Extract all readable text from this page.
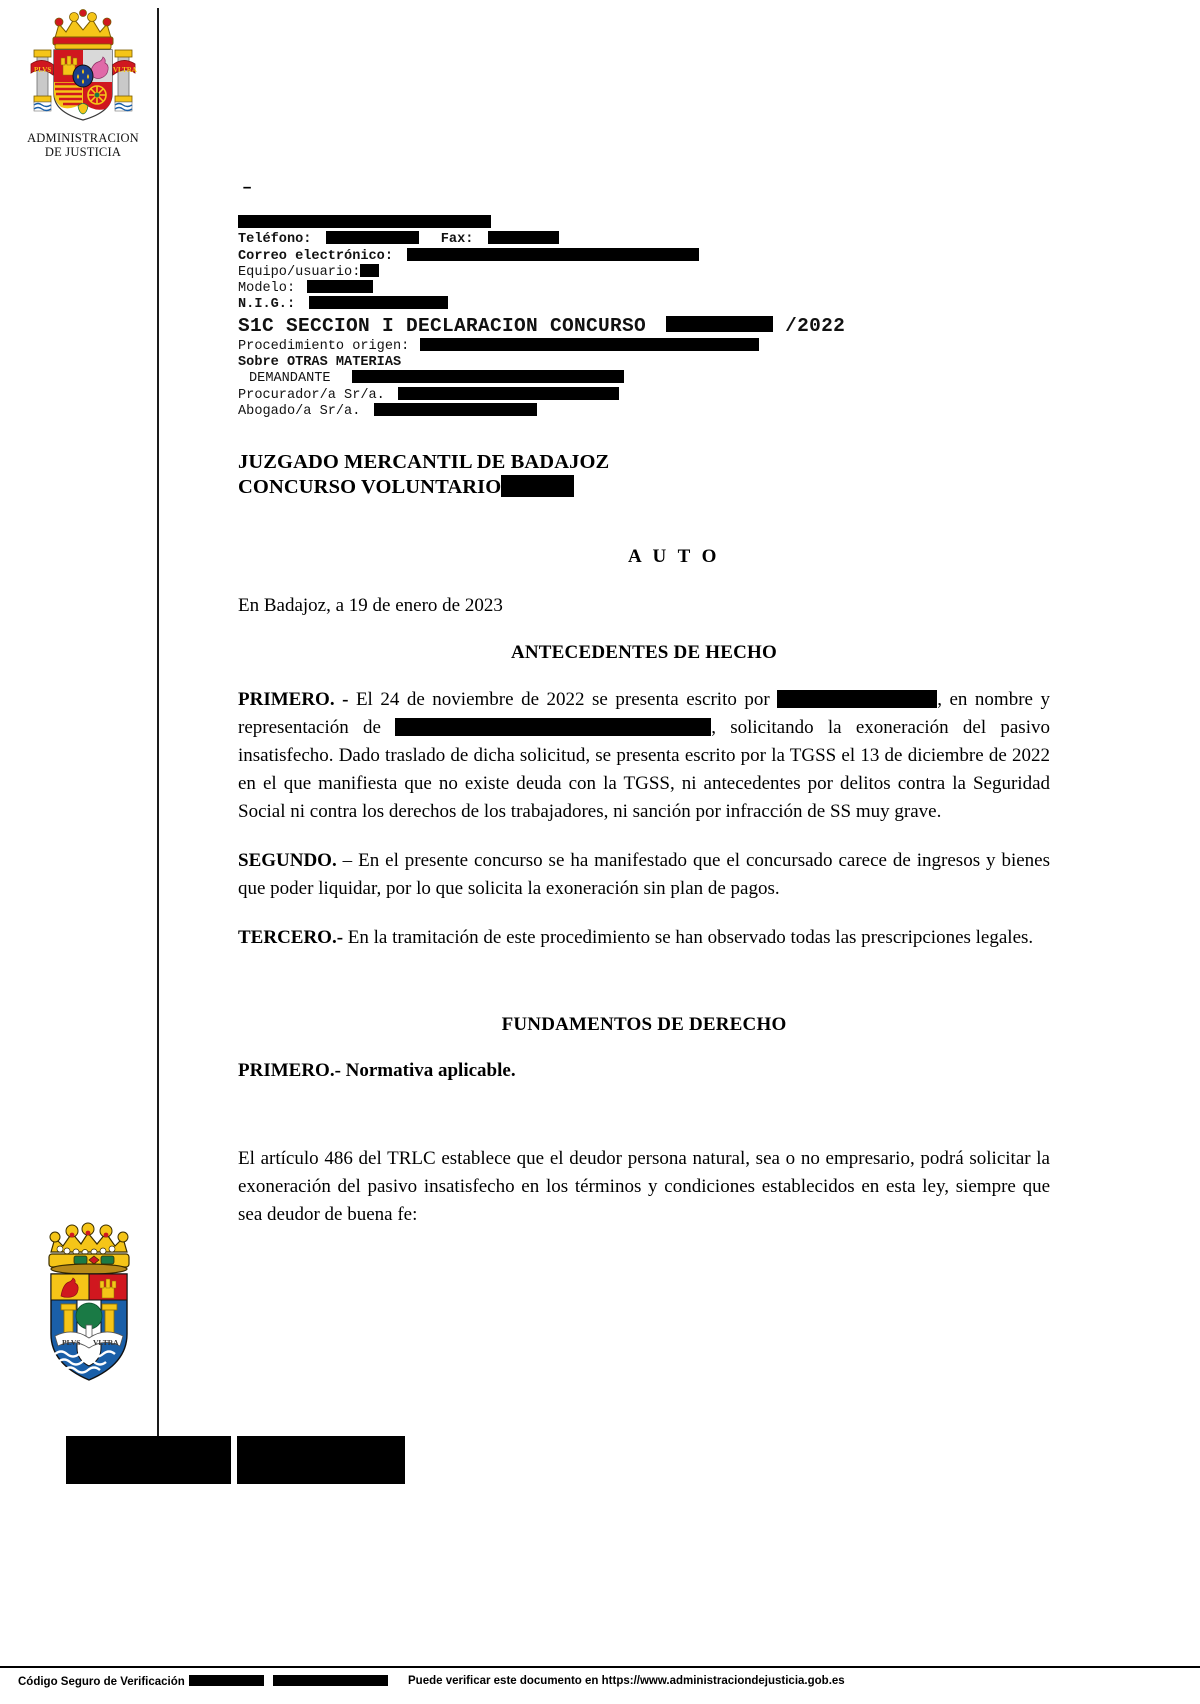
PLVS	VLTRA
ADMINISTRACION
DE JUSTICIA
PLVS VLTRA
–
Teléfono:	Fax:
Correo electrónico:
Equipo/usuario:
Modelo:
N.I.G.:
S1C SECCION I DECLARACION CONCURSO	/2022
Procedimiento origen:
Sobre OTRAS MATERIAS
DEMANDANTE
Procurador/a Sr/a.
Abogado/a Sr/a.
JUZGADO MERCANTIL DE BADAJOZ
CONCURSO VOLUNTARIO
A U T O
En Badajoz, a 19 de enero de 2023
ANTECEDENTES DE HECHO

PRIMERO. - El 24 de noviembre de 2022 se presenta escrito por	, en nombre y representación de	, solicitando la exoneración del pasivo insatisfecho. Dado traslado de dicha solicitud, se presenta escrito por la TGSS el 13 de diciembre de 2022 en el que manifiesta que no existe deuda con la TGSS, ni antecedentes por delitos contra la Seguridad Social ni contra los derechos de los trabajadores, ni sanción por infracción de SS muy grave.

SEGUNDO. – En el presente concurso se ha manifestado que el concursado carece de ingresos y bienes que poder liquidar, por lo que solicita la exoneración sin plan de pagos.

TERCERO.- En la tramitación de este procedimiento se han observado todas las prescripciones legales.

FUNDAMENTOS DE DERECHO
PRIMERO.- Normativa aplicable.

El artículo 486 del TRLC establece que el deudor persona natural, sea o no empresario, podrá solicitar la exoneración del pasivo insatisfecho en los términos y condiciones establecidos en esta ley, siempre que sea deudor de buena fe:

Código Seguro de Verificación	Puede verificar este documento en https://www.administraciondejusticia.gob.es
